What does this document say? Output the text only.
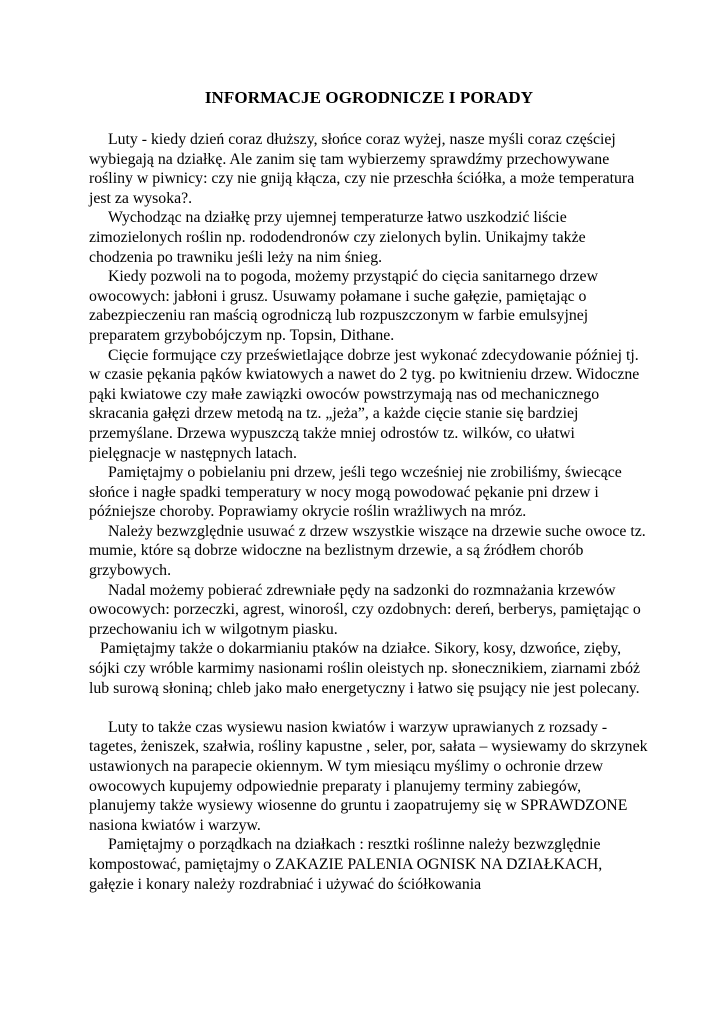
INFORMACJE OGRODNICZE I PORADY

Luty - kiedy dzień coraz dłuższy, słońce coraz wyżej, nasze myśli coraz częściej wybiegają na działkę. Ale zanim się tam wybierzemy sprawdźmy przechowywane rośliny w piwnicy: czy nie gniją kłącza, czy nie przeschła ściółka, a może temperatura jest za wysoka?.

Wychodząc na działkę przy ujemnej temperaturze łatwo uszkodzić liście zimozielonych roślin np. rododendronów czy zielonych bylin. Unikajmy także chodzenia po trawniku jeśli leży na nim śnieg.

Kiedy pozwoli na to pogoda, możemy przystąpić do cięcia sanitarnego drzew owocowych: jabłoni i grusz. Usuwamy połamane i suche gałęzie, pamiętając o zabezpieczeniu ran maścią ogrodniczą lub rozpuszczonym w farbie emulsyjnej preparatem grzybobójczym np. Topsin, Dithane.

Cięcie formujące czy prześwietlające dobrze jest wykonać zdecydowanie później tj. w czasie pękania pąków kwiatowych a nawet do 2 tyg. po kwitnieniu drzew. Widoczne pąki kwiatowe czy małe zawiązki owoców powstrzymają nas od mechanicznego skracania gałęzi drzew metodą na tz. „jeża”, a każde cięcie stanie się bardziej przemyślane. Drzewa wypuszczą także mniej odrostów tz. wilków, co ułatwi pielęgnacje w następnych latach.

Pamiętajmy o pobielaniu pni drzew, jeśli tego wcześniej nie zrobiliśmy, świecące słońce i nagłe spadki temperatury w nocy mogą powodować pękanie pni drzew i późniejsze choroby. Poprawiamy okrycie roślin wrażliwych na mróz.

Należy bezwzględnie usuwać z drzew wszystkie wiszące na drzewie suche owoce tz. mumie, które są dobrze widoczne na bezlistnym drzewie, a są źródłem chorób grzybowych.

Nadal możemy pobierać zdrewniałe pędy na sadzonki do rozmnażania krzewów owocowych: porzeczki, agrest, winorośl, czy ozdobnych: dereń, berberys, pamiętając o przechowaniu ich w wilgotnym piasku.

Pamiętajmy także o dokarmianiu ptaków na działce. Sikory, kosy, dzwońce, zięby, sójki czy wróble karmimy nasionami roślin oleistych np. słonecznikiem, ziarnami zbóż lub surową słoniną; chleb jako mało energetyczny i łatwo się psujący nie jest polecany.

Luty to także czas wysiewu nasion kwiatów i warzyw uprawianych z rozsady -tagetes, żeniszek, szałwia, rośliny kapustne , seler, por, sałata – wysiewamy do skrzynek ustawionych na parapecie okiennym. W tym miesiącu myślimy o ochronie drzew owocowych kupujemy odpowiednie preparaty i planujemy terminy zabiegów, planujemy także wysiewy wiosenne do gruntu i zaopatrujemy się w SPRAWDZONE nasiona kwiatów i warzyw.

Pamiętajmy o porządkach na działkach : resztki roślinne należy bezwzględnie kompostować, pamiętajmy o ZAKAZIE PALENIA OGNISK NA DZIAŁKACH, gałęzie i konary należy rozdrabniać i używać do ściółkowania
